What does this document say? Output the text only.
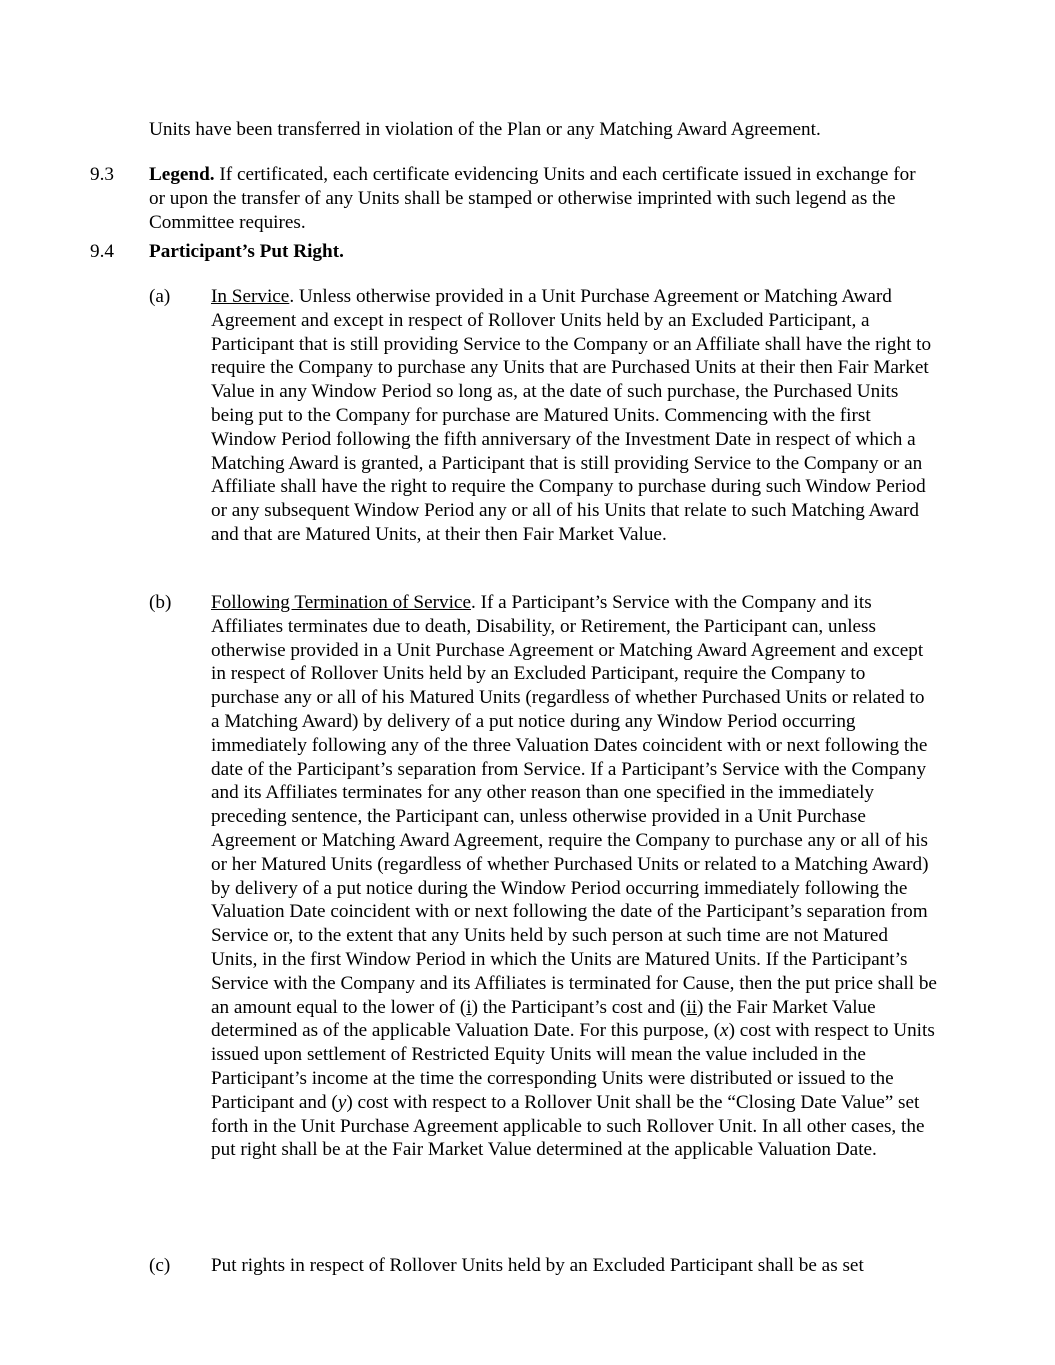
Units have been transferred in violation of the Plan or any Matching Award Agreement.

9.3 Legend. If certificated, each certificate evidencing Units and each certificate issued in exchange for or upon the transfer of any Units shall be stamped or otherwise imprinted with such legend as the Committee requires.

9.4 Participant’s Put Right.

(a) In Service. Unless otherwise provided in a Unit Purchase Agreement or Matching Award Agreement and except in respect of Rollover Units held by an Excluded Participant, a Participant that is still providing Service to the Company or an Affiliate shall have the right to require the Company to purchase any Units that are Purchased Units at their then Fair Market Value in any Window Period so long as, at the date of such purchase, the Purchased Units being put to the Company for purchase are Matured Units. Commencing with the first Window Period following the fifth anniversary of the Investment Date in respect of which a Matching Award is granted, a Participant that is still providing Service to the Company or an Affiliate shall have the right to require the Company to purchase during such Window Period or any subsequent Window Period any or all of his Units that relate to such Matching Award and that are Matured Units, at their then Fair Market Value.

(b) Following Termination of Service. If a Participant’s Service with the Company and its Affiliates terminates due to death, Disability, or Retirement, the Participant can, unless otherwise provided in a Unit Purchase Agreement or Matching Award Agreement and except in respect of Rollover Units held by an Excluded Participant, require the Company to purchase any or all of his Matured Units (regardless of whether Purchased Units or related to a Matching Award) by delivery of a put notice during any Window Period occurring immediately following any of the three Valuation Dates coincident with or next following the date of the Participant’s separation from Service. If a Participant’s Service with the Company and its Affiliates terminates for any other reason than one specified in the immediately preceding sentence, the Participant can, unless otherwise provided in a Unit Purchase Agreement or Matching Award Agreement, require the Company to purchase any or all of his or her Matured Units (regardless of whether Purchased Units or related to a Matching Award) by delivery of a put notice during the Window Period occurring immediately following the Valuation Date coincident with or next following the date of the Participant’s separation from Service or, to the extent that any Units held by such person at such time are not Matured Units, in the first Window Period in which the Units are Matured Units. If the Participant’s Service with the Company and its Affiliates is terminated for Cause, then the put price shall be an amount equal to the lower of (i) the Participant’s cost and (ii) the Fair Market Value determined as of the applicable Valuation Date. For this purpose, (x) cost with respect to Units issued upon settlement of Restricted Equity Units will mean the value included in the Participant’s income at the time the corresponding Units were distributed or issued to the Participant and (y) cost with respect to a Rollover Unit shall be the “Closing Date Value” set forth in the Unit Purchase Agreement applicable to such Rollover Unit. In all other cases, the put right shall be at the Fair Market Value determined at the applicable Valuation Date.

(c) Put rights in respect of Rollover Units held by an Excluded Participant shall be as set
